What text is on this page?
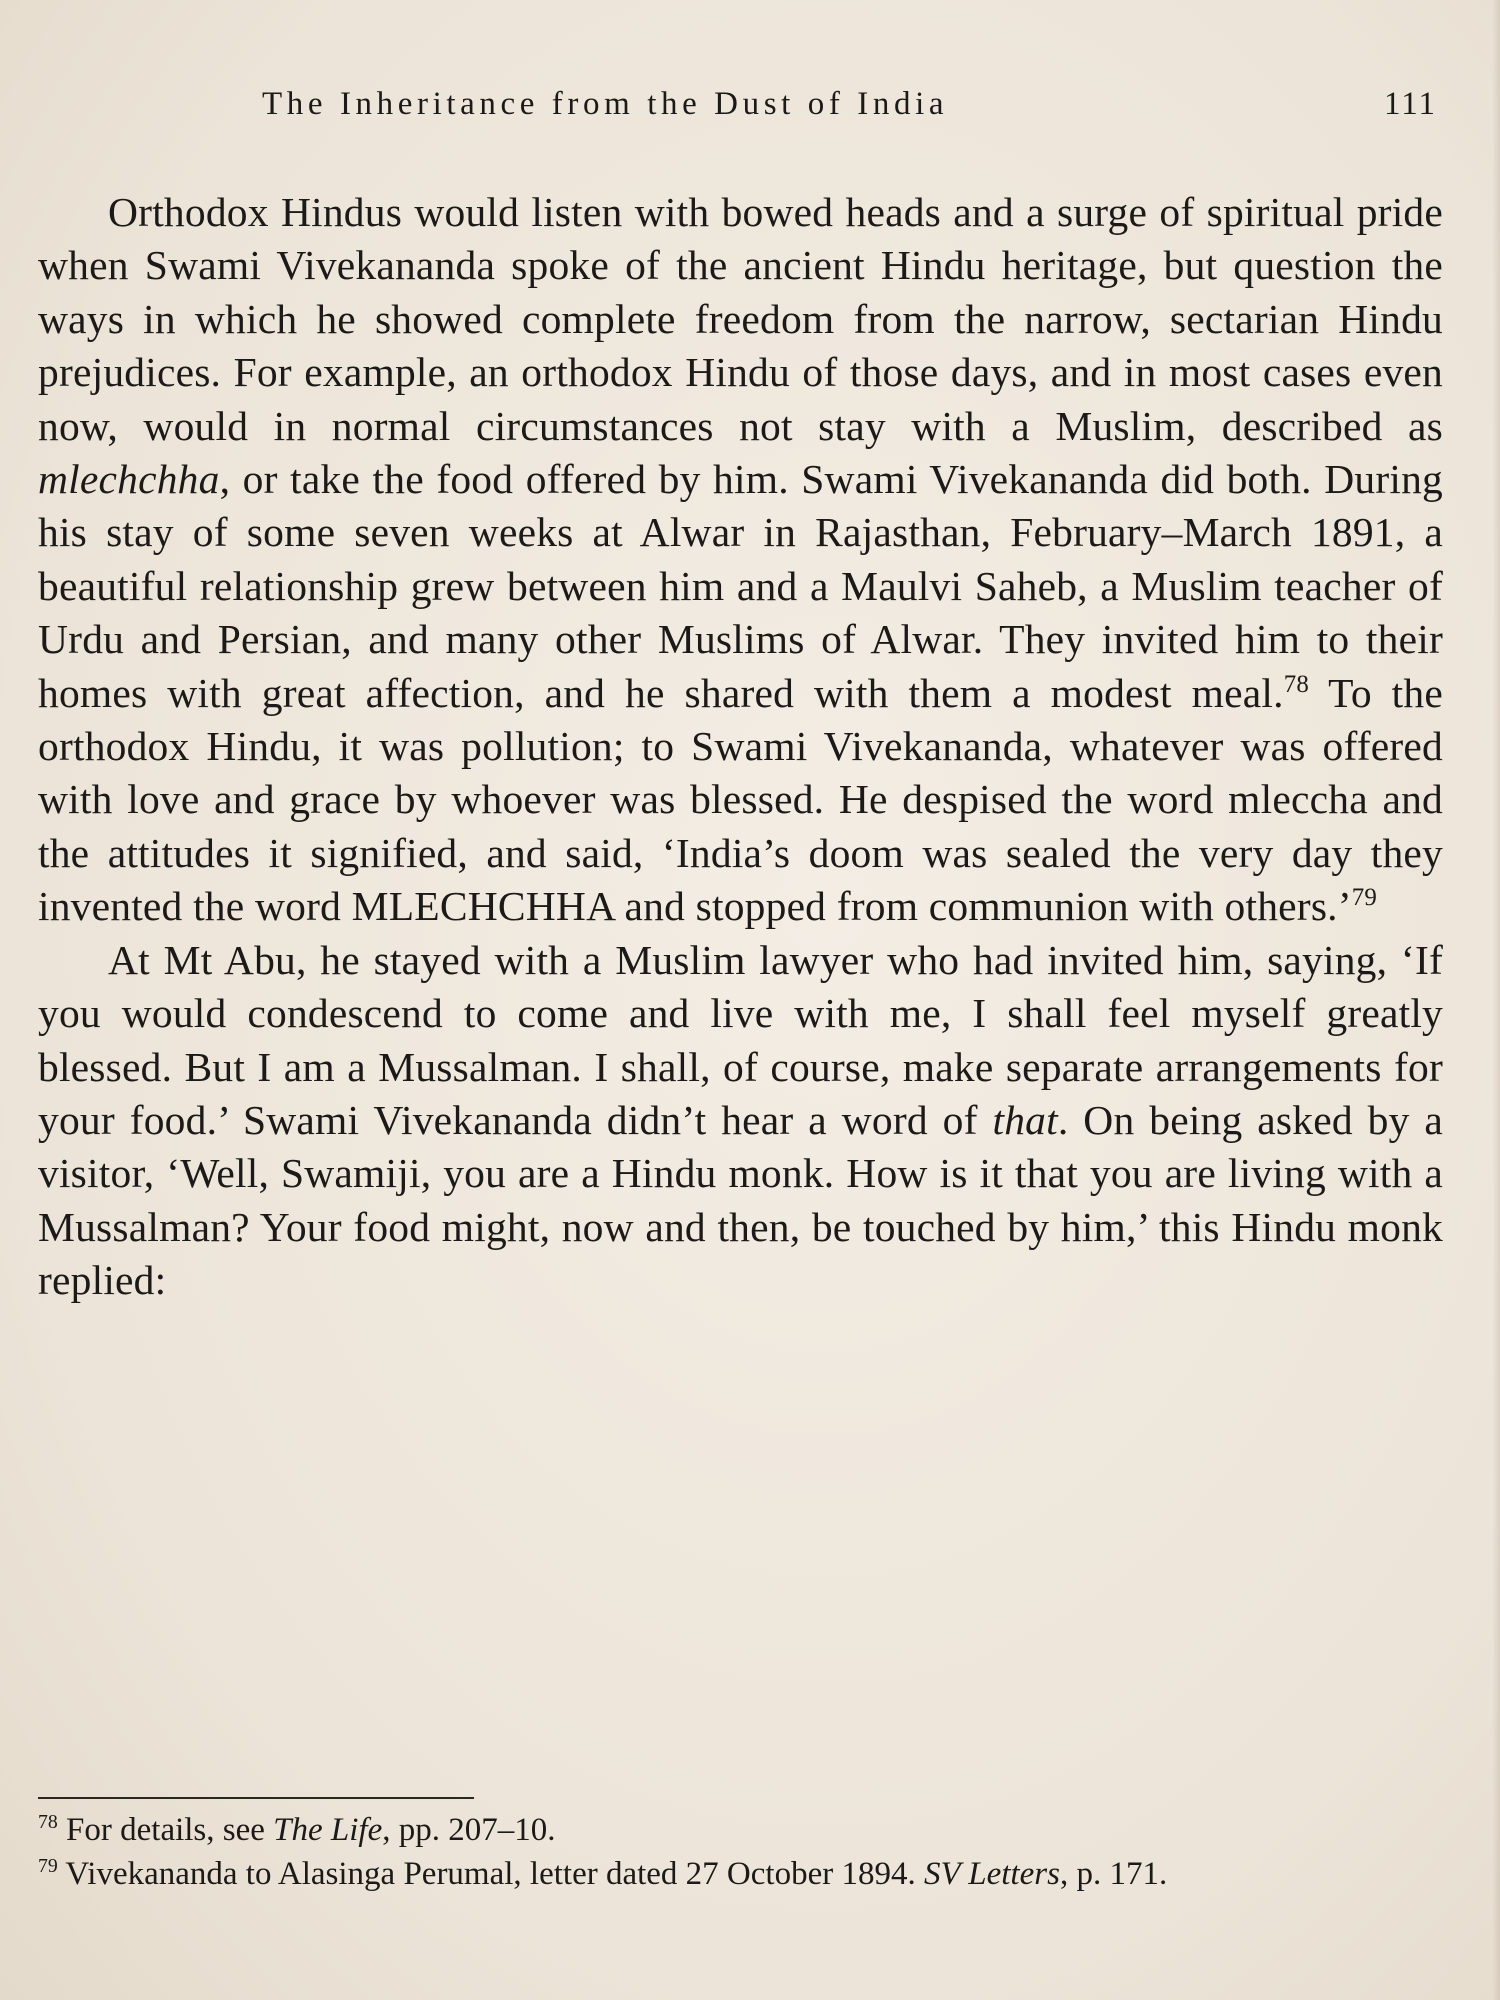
The Inheritance from the Dust of India	111

Orthodox Hindus would listen with bowed heads and a surge of spiritual pride when Swami Vivekananda spoke of the ancient Hindu heritage, but question the ways in which he showed complete freedom from the narrow, sectarian Hindu prejudices. For example, an orthodox Hindu of those days, and in most cases even now, would in normal circumstances not stay with a Muslim, described as mlechchha, or take the food offered by him. Swami Vivekananda did both. During his stay of some seven weeks at Alwar in Rajasthan, February–March 1891, a beautiful relationship grew between him and a Maulvi Saheb, a Muslim teacher of Urdu and Persian, and many other Muslims of Alwar. They invited him to their homes with great affection, and he shared with them a modest meal.$^{78}$ To the orthodox Hindu, it was pollution; to Swami Vivekananda, whatever was offered with love and grace by whoever was blessed. He despised the word mleccha and the attitudes it signified, and said, ‘India’s doom was sealed the very day they invented the word MLECHCHHA and stopped from communion with others.’$^{79}$

At Mt Abu, he stayed with a Muslim lawyer who had invited him, saying, ‘If you would condescend to come and live with me, I shall feel myself greatly blessed. But I am a Mussalman. I shall, of course, make separate arrangements for your food.’ Swami Vivekananda didn’t hear a word of that. On being asked by a visitor, ‘Well, Swamiji, you are a Hindu monk. How is it that you are living with a Mussalman? Your food might, now and then, be touched by him,’ this Hindu monk replied:

$^{78}$ For details, see The Life, pp. 207–10.

$^{79}$ Vivekananda to Alasinga Perumal, letter dated 27 October 1894. SV Letters, p. 171.
